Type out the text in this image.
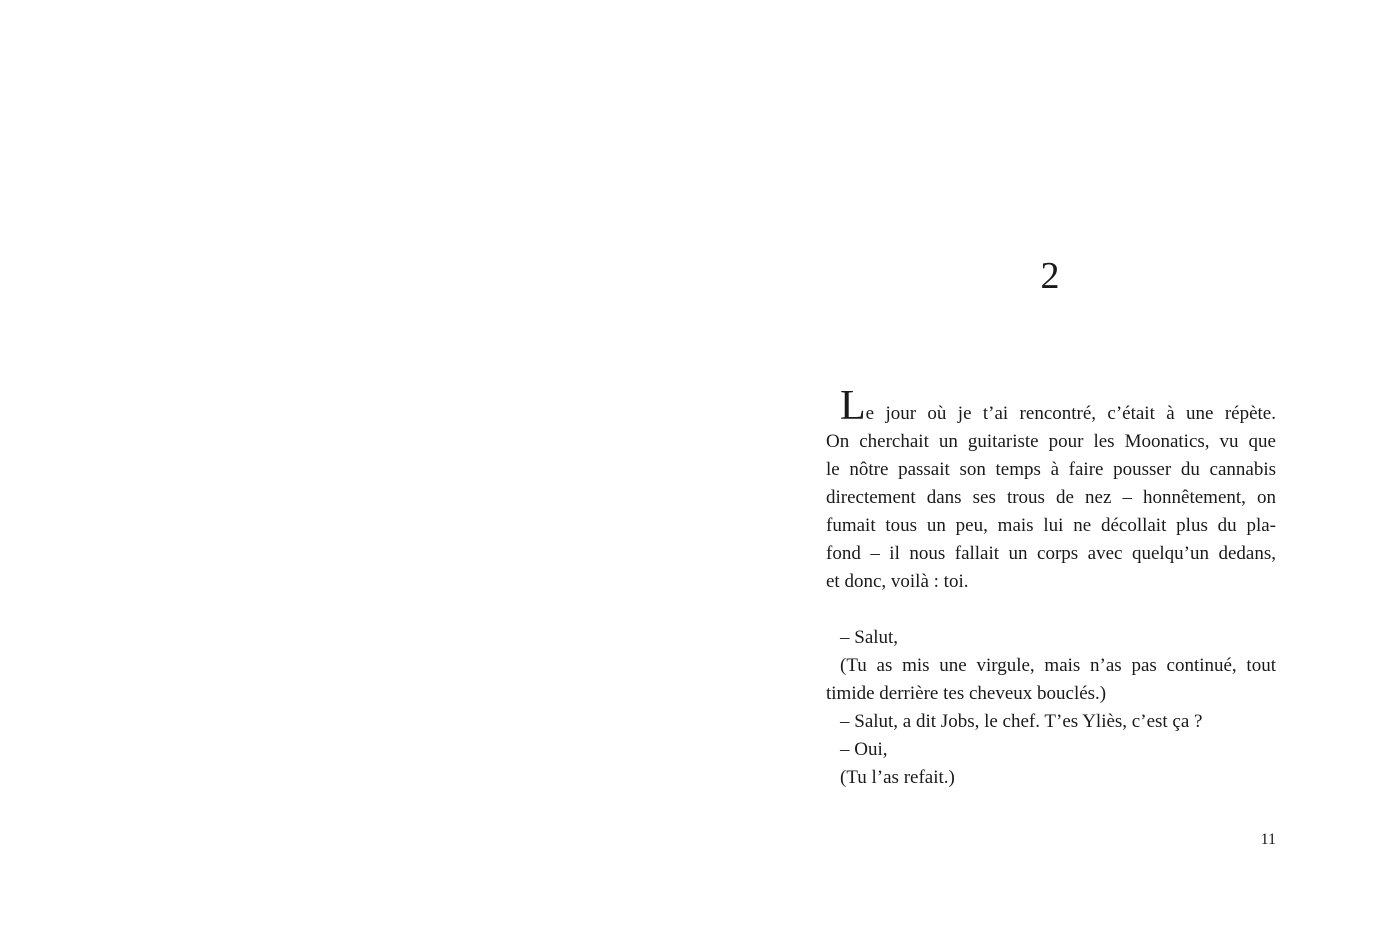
2
Le jour où je t’ai rencontré, c’était à une répète.
On cherchait un guitariste pour les Moonatics, vu que
le nôtre passait son temps à faire pousser du cannabis
directement dans ses trous de nez – honnêtement, on
fumait tous un peu, mais lui ne décollait plus du pla-
fond – il nous fallait un corps avec quelqu’un dedans,
et donc, voilà : toi.
– Salut,
(Tu as mis une virgule, mais n’as pas continué, tout
timide derrière tes cheveux bouclés.)
– Salut, a dit Jobs, le chef. T’es Yliès, c’est ça ?
– Oui,
(Tu l’as refait.)
11
